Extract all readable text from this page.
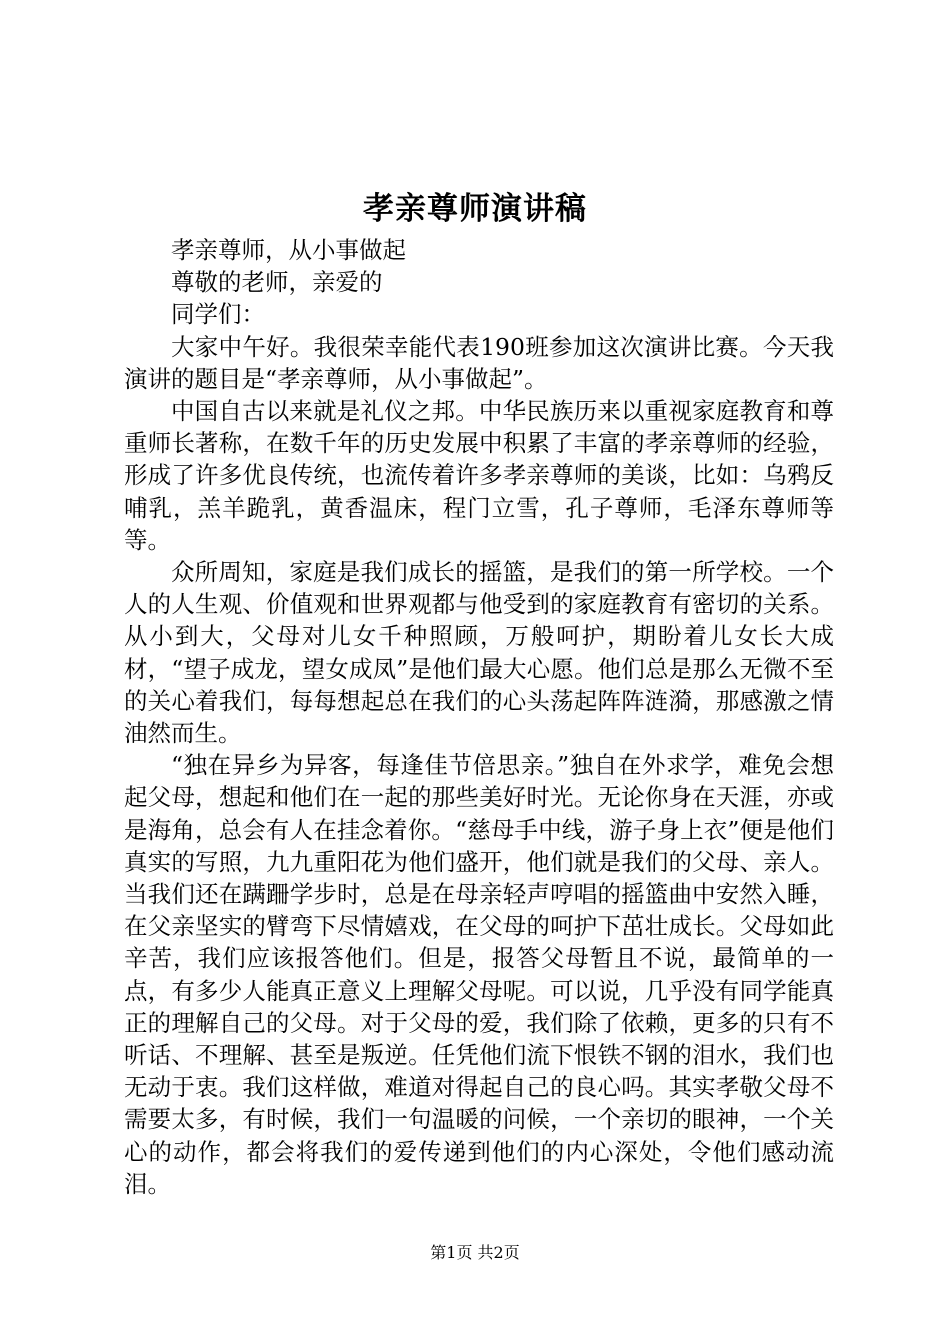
孝亲尊师演讲稿

孝亲尊师，从小事做起

尊敬的老师，亲爱的

同学们：

大家中午好。我很荣幸能代表190班参加这次演讲比赛。今天我演讲的题目是“孝亲尊师，从小事做起”。

中国自古以来就是礼仪之邦。中华民族历来以重视家庭教育和尊重师长著称，在数千年的历史发展中积累了丰富的孝亲尊师的经验，形成了许多优良传统，也流传着许多孝亲尊师的美谈，比如：乌鸦反哺乳，羔羊跪乳，黄香温床，程门立雪，孔子尊师，毛泽东尊师等等。

众所周知，家庭是我们成长的摇篮，是我们的第一所学校。一个人的人生观、价值观和世界观都与他受到的家庭教育有密切的关系。从小到大，父母对儿女千种照顾，万般呵护，期盼着儿女长大成材，“望子成龙，望女成凤”是他们最大心愿。他们总是那么无微不至的关心着我们，每每想起总在我们的心头荡起阵阵涟漪，那感激之情油然而生。

“独在异乡为异客，每逢佳节倍思亲。”独自在外求学，难免会想起父母，想起和他们在一起的那些美好时光。无论你身在天涯，亦或是海角，总会有人在挂念着你。“慈母手中线，游子身上衣”便是他们真实的写照，九九重阳花为他们盛开，他们就是我们的父母、亲人。当我们还在蹒跚学步时，总是在母亲轻声哼唱的摇篮曲中安然入睡，在父亲坚实的臂弯下尽情嬉戏，在父母的呵护下茁壮成长。父母如此辛苦，我们应该报答他们。但是，报答父母暂且不说，最简单的一点，有多少人能真正意义上理解父母呢。可以说，几乎没有同学能真正的理解自己的父母。对于父母的爱，我们除了依赖，更多的只有不听话、不理解、甚至是叛逆。任凭他们流下恨铁不钢的泪水，我们也无动于衷。我们这样做，难道对得起自己的良心吗。其实孝敬父母不需要太多，有时候，我们一句温暖的问候，一个亲切的眼神，一个关心的动作，都会将我们的爱传递到他们的内心深处，令他们感动流泪。

第1页 共2页
